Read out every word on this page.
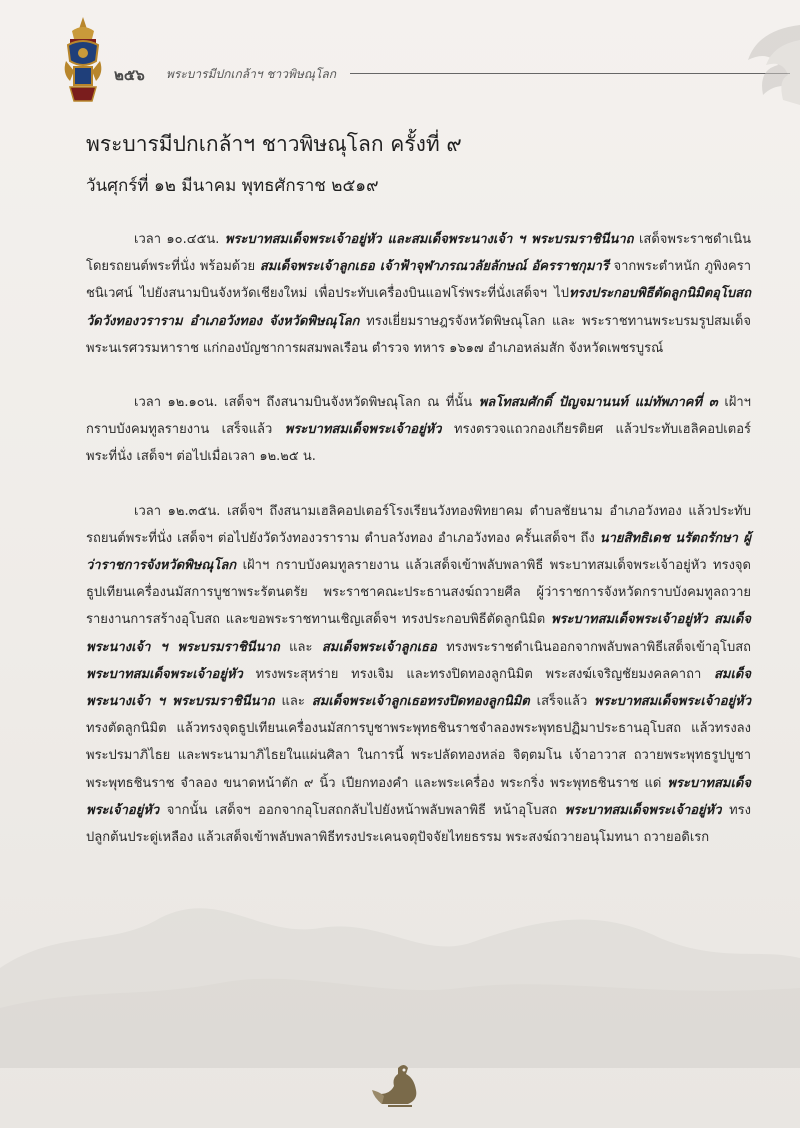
๒๕๖ พระบารมีปกเกล้าฯ ชาวพิษณุโลก
พระบารมีปกเกล้าฯ ชาวพิษณุโลก ครั้งที่ ๙
วันศุกร์ที่ ๑๒ มีนาคม พุทธศักราช ๒๕๑๙

เวลา ๑๐.๔๕น. พระบาทสมเด็จพระเจ้าอยู่หัว และสมเด็จพระนางเจ้า ฯ พระบรมราชินีนาถ เสด็จพระราชดำเนินโดยรถยนต์พระที่นั่ง พร้อมด้วย สมเด็จพระเจ้าลูกเธอ เจ้าฟ้าจุฬาภรณวลัยลักษณ์ อัครราชกุมารี จากพระตำหนัก ภูพิงคราชนิเวศน์ ไปยังสนามบินจังหวัดเชียงใหม่ เพื่อประทับเครื่องบินแอฟโร่พระที่นั่งเสด็จฯ ไปทรงประกอบพิธีตัดลูกนิมิตอุโบสถวัดวังทองวราราม อำเภอวังทอง จังหวัดพิษณุโลก ทรงเยี่ยมราษฎรจังหวัดพิษณุโลก และ พระราชทานพระบรมรูปสมเด็จพระนเรศวรมหาราช แก่กองบัญชาการผสมพลเรือน ตำรวจ ทหาร ๑๖๑๗ อำเภอหล่มสัก จังหวัดเพชรบูรณ์

เวลา ๑๒.๑๐น. เสด็จฯ ถึงสนามบินจังหวัดพิษณุโลก ณ ที่นั้น พลโทสมศักดิ์ ปัญจมานนท์ แม่ทัพภาคที่ ๓ เฝ้าฯ กราบบังคมทูลรายงาน เสร็จแล้ว พระบาทสมเด็จพระเจ้าอยู่หัว ทรงตรวจแถวกองเกียรติยศ แล้วประทับเฮลิคอปเตอร์พระที่นั่ง เสด็จฯ ต่อไปเมื่อเวลา ๑๒.๒๕ น.

เวลา ๑๒.๓๕น. เสด็จฯ ถึงสนามเฮลิคอปเตอร์โรงเรียนวังทองพิทยาคม ตำบลชัยนาม อำเภอวังทอง แล้วประทับรถยนต์พระที่นั่ง เสด็จฯ ต่อไปยังวัดวังทองวราราม ตำบลวังทอง อำเภอวังทอง ครั้นเสด็จฯ ถึง นายสิทธิเดช นรัตถรักษา ผู้ว่าราชการจังหวัดพิษณุโลก เฝ้าฯ กราบบังคมทูลรายงาน แล้วเสด็จเข้าพลับพลาพิธี พระบาทสมเด็จพระเจ้าอยู่หัว ทรงจุดธูปเทียนเครื่องนมัสการบูชาพระรัตนตรัย พระราชาคณะประธานสงฆ์ถวายศีล ผู้ว่าราชการจังหวัดกราบบังคมทูลถวายรายงานการสร้างอุโบสถ และขอพระราชทานเชิญเสด็จฯ ทรงประกอบพิธีตัดลูกนิมิต พระบาทสมเด็จพระเจ้าอยู่หัว สมเด็จพระนางเจ้า ฯ พระบรมราชินีนาถ และ สมเด็จพระเจ้าลูกเธอ ทรงพระราชดำเนินออกจากพลับพลาพิธีเสด็จเข้าอุโบสถ พระบาทสมเด็จพระเจ้าอยู่หัว ทรงพระสุหร่าย ทรงเจิม และทรงปิดทองลูกนิมิต พระสงฆ์เจริญชัยมงคลคาถา สมเด็จพระนางเจ้า ฯ พระบรมราชินีนาถ และ สมเด็จพระเจ้าลูกเธอทรงปิดทองลูกนิมิต เสร็จแล้ว พระบาทสมเด็จพระเจ้าอยู่หัว ทรงตัดลูกนิมิต แล้วทรงจุดธูปเทียนเครื่องนมัสการบูชาพระพุทธชินราชจำลองพระพุทธปฏิมาประธานอุโบสถ แล้วทรงลงพระปรมาภิไธย และพระนามาภิไธยในแผ่นศิลา ในการนี้ พระปลัดทองหล่อ จิตฺตมโน เจ้าอาวาส ถวายพระพุทธรูปบูชา พระพุทธชินราช จำลอง ขนาดหน้าตัก ๙ นิ้ว เปียกทองคำ และพระเครื่อง พระกริ่ง พระพุทธชินราช แด่ พระบาทสมเด็จพระเจ้าอยู่หัว จากนั้น เสด็จฯ ออกจากอุโบสถกลับไปยังหน้าพลับพลาพิธี หน้าอุโบสถ พระบาทสมเด็จพระเจ้าอยู่หัว ทรงปลูกต้นประดู่เหลือง แล้วเสด็จเข้าพลับพลาพิธีทรงประเคนจตุปัจจัยไทยธรรม พระสงฆ์ถวายอนุโมทนา ถวายอดิเรก
